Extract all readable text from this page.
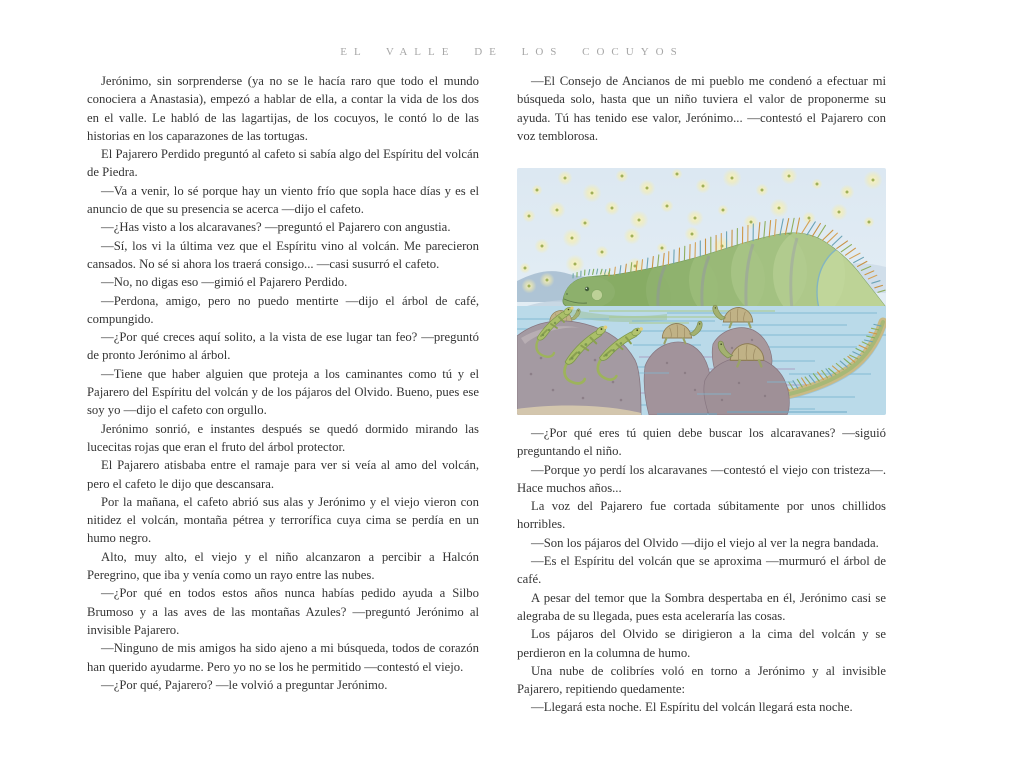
EL VALLE DE LOS COCUYOS

Jerónimo, sin sorprenderse (ya no se le hacía raro que todo el mundo conociera a Anastasia), empezó a hablar de ella, a contar la vida de los dos en el valle. Le habló de las lagartijas, de los cocuyos, le contó lo de las historias en los caparazones de las tortugas.

El Pajarero Perdido preguntó al cafeto si sabía algo del Espíritu del volcán de Piedra.

—Va a venir, lo sé porque hay un viento frío que sopla hace días y es el anuncio de que su presencia se acerca —dijo el cafeto.

—¿Has visto a los alcaravanes? —preguntó el Pajarero con angustia.

—Sí, los vi la última vez que el Espíritu vino al volcán. Me parecieron cansados. No sé si ahora los traerá consigo... —casi susurró el cafeto.

—No, no digas eso —gimió el Pajarero Perdido.

—Perdona, amigo, pero no puedo mentirte —dijo el árbol de café, compungido.

—¿Por qué creces aquí solito, a la vista de ese lugar tan feo? —preguntó de pronto Jerónimo al árbol.

—Tiene que haber alguien que proteja a los caminantes como tú y el Pajarero del Espíritu del volcán y de los pájaros del Olvido. Bueno, pues ese soy yo —dijo el cafeto con orgullo.

Jerónimo sonrió, e instantes después se quedó dormido mirando las lucecitas rojas que eran el fruto del árbol protector.

El Pajarero atisbaba entre el ramaje para ver si veía al amo del volcán, pero el cafeto le dijo que descansara.

Por la mañana, el cafeto abrió sus alas y Jerónimo y el viejo vieron con nitidez el volcán, montaña pétrea y terrorífica cuya cima se perdía en un humo negro.

Alto, muy alto, el viejo y el niño alcanzaron a percibir a Halcón Peregrino, que iba y venía como un rayo entre las nubes.

—¿Por qué en todos estos años nunca habías pedido ayuda a Silbo Brumoso y a las aves de las montañas Azules? —preguntó Jerónimo al invisible Pajarero.

—Ninguno de mis amigos ha sido ajeno a mi búsqueda, todos de corazón han querido ayudarme. Pero yo no se los he permitido —contestó el viejo.

—¿Por qué, Pajarero? —le volvió a preguntar Jerónimo.

—El Consejo de Ancianos de mi pueblo me condenó a efectuar mi búsqueda solo, hasta que un niño tuviera el valor de proponerme su ayuda. Tú has tenido ese valor, Jerónimo... —contestó el Pajarero con voz temblorosa.

—¿Por qué eres tú quien debe buscar los alcaravanes? —siguió preguntando el niño.

—Porque yo perdí los alcaravanes —contestó el viejo con tristeza—. Hace muchos años...

La voz del Pajarero fue cortada súbitamente por unos chillidos horribles.

—Son los pájaros del Olvido —dijo el viejo al ver la negra bandada.

—Es el Espíritu del volcán que se aproxima —murmuró el árbol de café.

A pesar del temor que la Sombra despertaba en él, Jerónimo casi se alegraba de su llegada, pues esta aceleraría las cosas.

Los pájaros del Olvido se dirigieron a la cima del volcán y se perdieron en la columna de humo.

Una nube de colibríes voló en torno a Jerónimo y al invisible Pajarero, repitiendo quedamente:

—Llegará esta noche. El Espíritu del volcán llegará esta noche.
